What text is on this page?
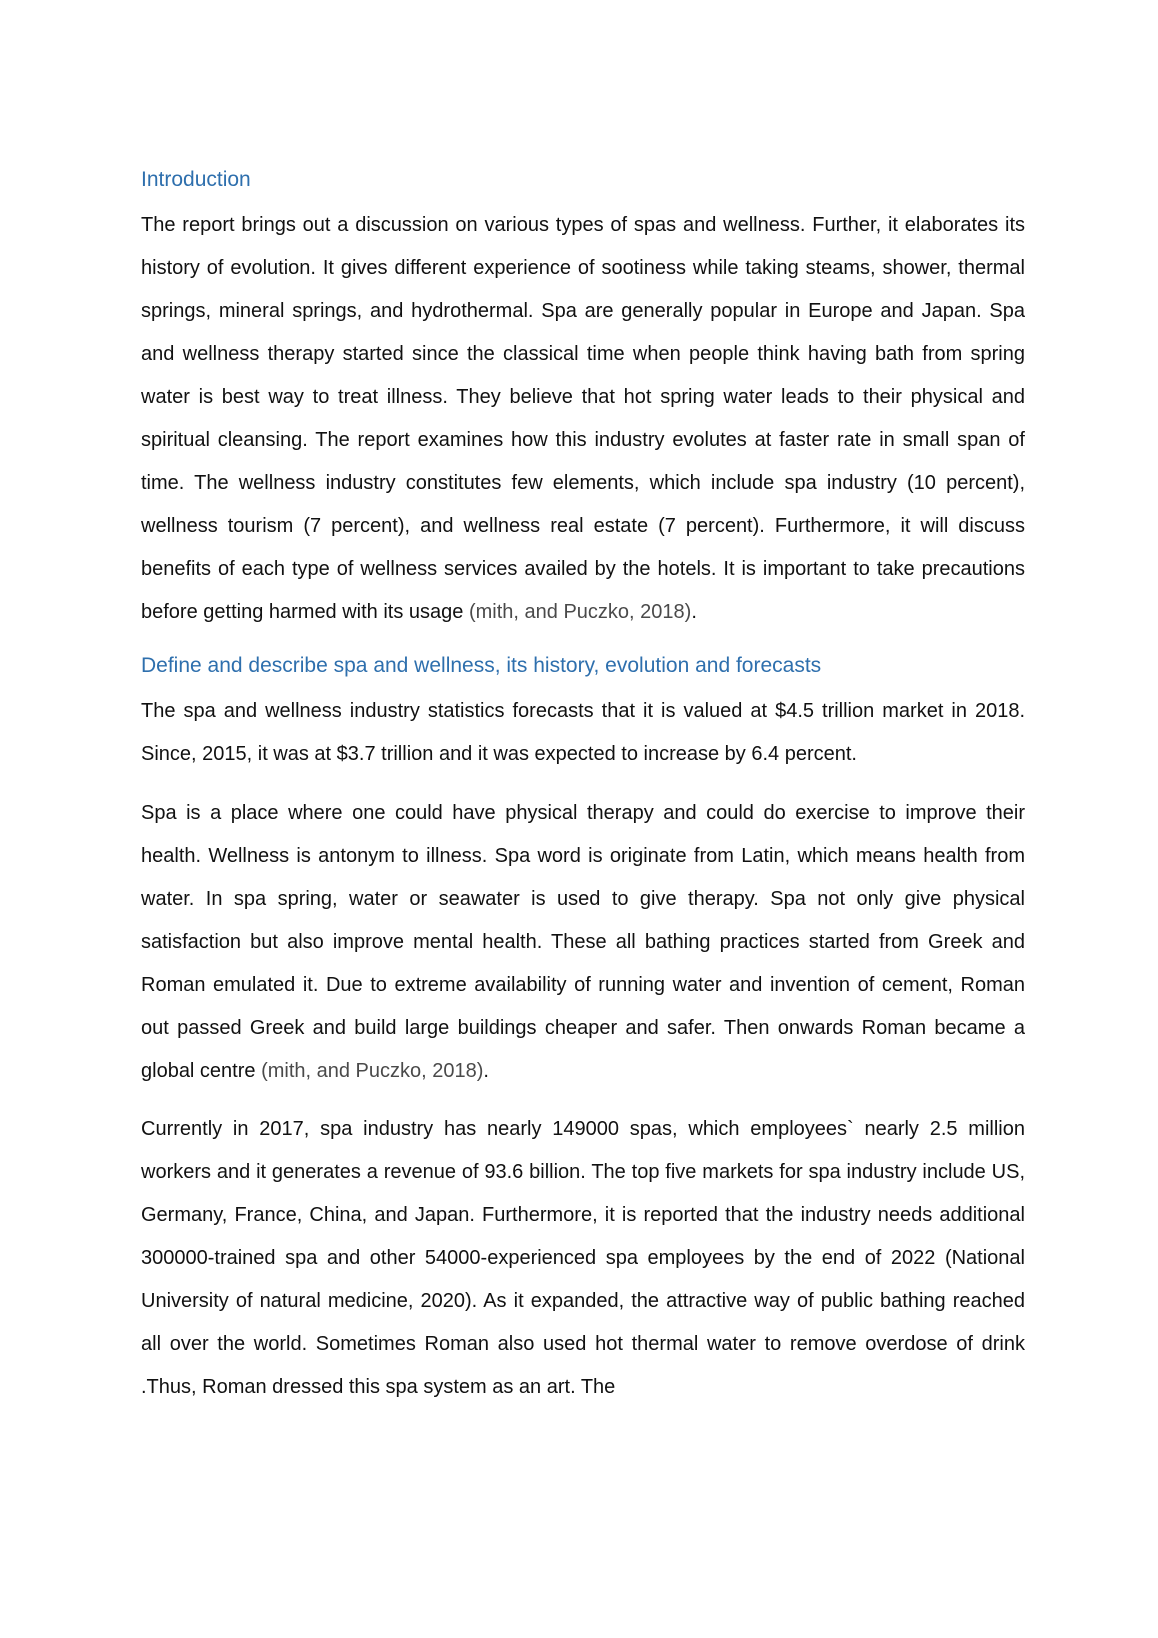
Introduction

The report brings out a discussion on various types of spas and wellness. Further, it elaborates its history of evolution. It gives different experience of sootiness while taking steams, shower, thermal springs, mineral springs, and hydrothermal. Spa are generally popular in Europe and Japan. Spa and wellness therapy started since the classical time when people think having bath from spring water is best way to treat illness. They believe that hot spring water leads to their physical and spiritual cleansing. The report examines how this industry evolutes at faster rate in small span of time. The wellness industry constitutes few elements, which include spa industry (10 percent), wellness tourism (7 percent), and wellness real estate (7 percent). Furthermore, it will discuss benefits of each type of wellness services availed by the hotels. It is important to take precautions before getting harmed with its usage (mith, and Puczko, 2018).

Define and describe spa and wellness, its history, evolution and forecasts

The spa and wellness industry statistics forecasts that it is valued at $4.5 trillion market in 2018. Since, 2015, it was at $3.7 trillion and it was expected to increase by 6.4 percent.

Spa is a place where one could have physical therapy and could do exercise to improve their health. Wellness is antonym to illness. Spa word is originate from Latin, which means health from water. In spa spring, water or seawater is used to give therapy. Spa not only give physical satisfaction but also improve mental health. These all bathing practices started from Greek and Roman emulated it. Due to extreme availability of running water and invention of cement, Roman out passed Greek and build large buildings cheaper and safer. Then onwards Roman became a global centre (mith, and Puczko, 2018).

Currently in 2017, spa industry has nearly 149000 spas, which employees` nearly 2.5 million workers and it generates a revenue of 93.6 billion. The top five markets for spa industry include US, Germany, France, China, and Japan. Furthermore, it is reported that the industry needs additional 300000-trained spa and other 54000-experienced spa employees by the end of 2022 (National University of natural medicine, 2020). As it expanded, the attractive way of public bathing reached all over the world. Sometimes Roman also used hot thermal water to remove overdose of drink .Thus, Roman dressed this spa system as an art. The
